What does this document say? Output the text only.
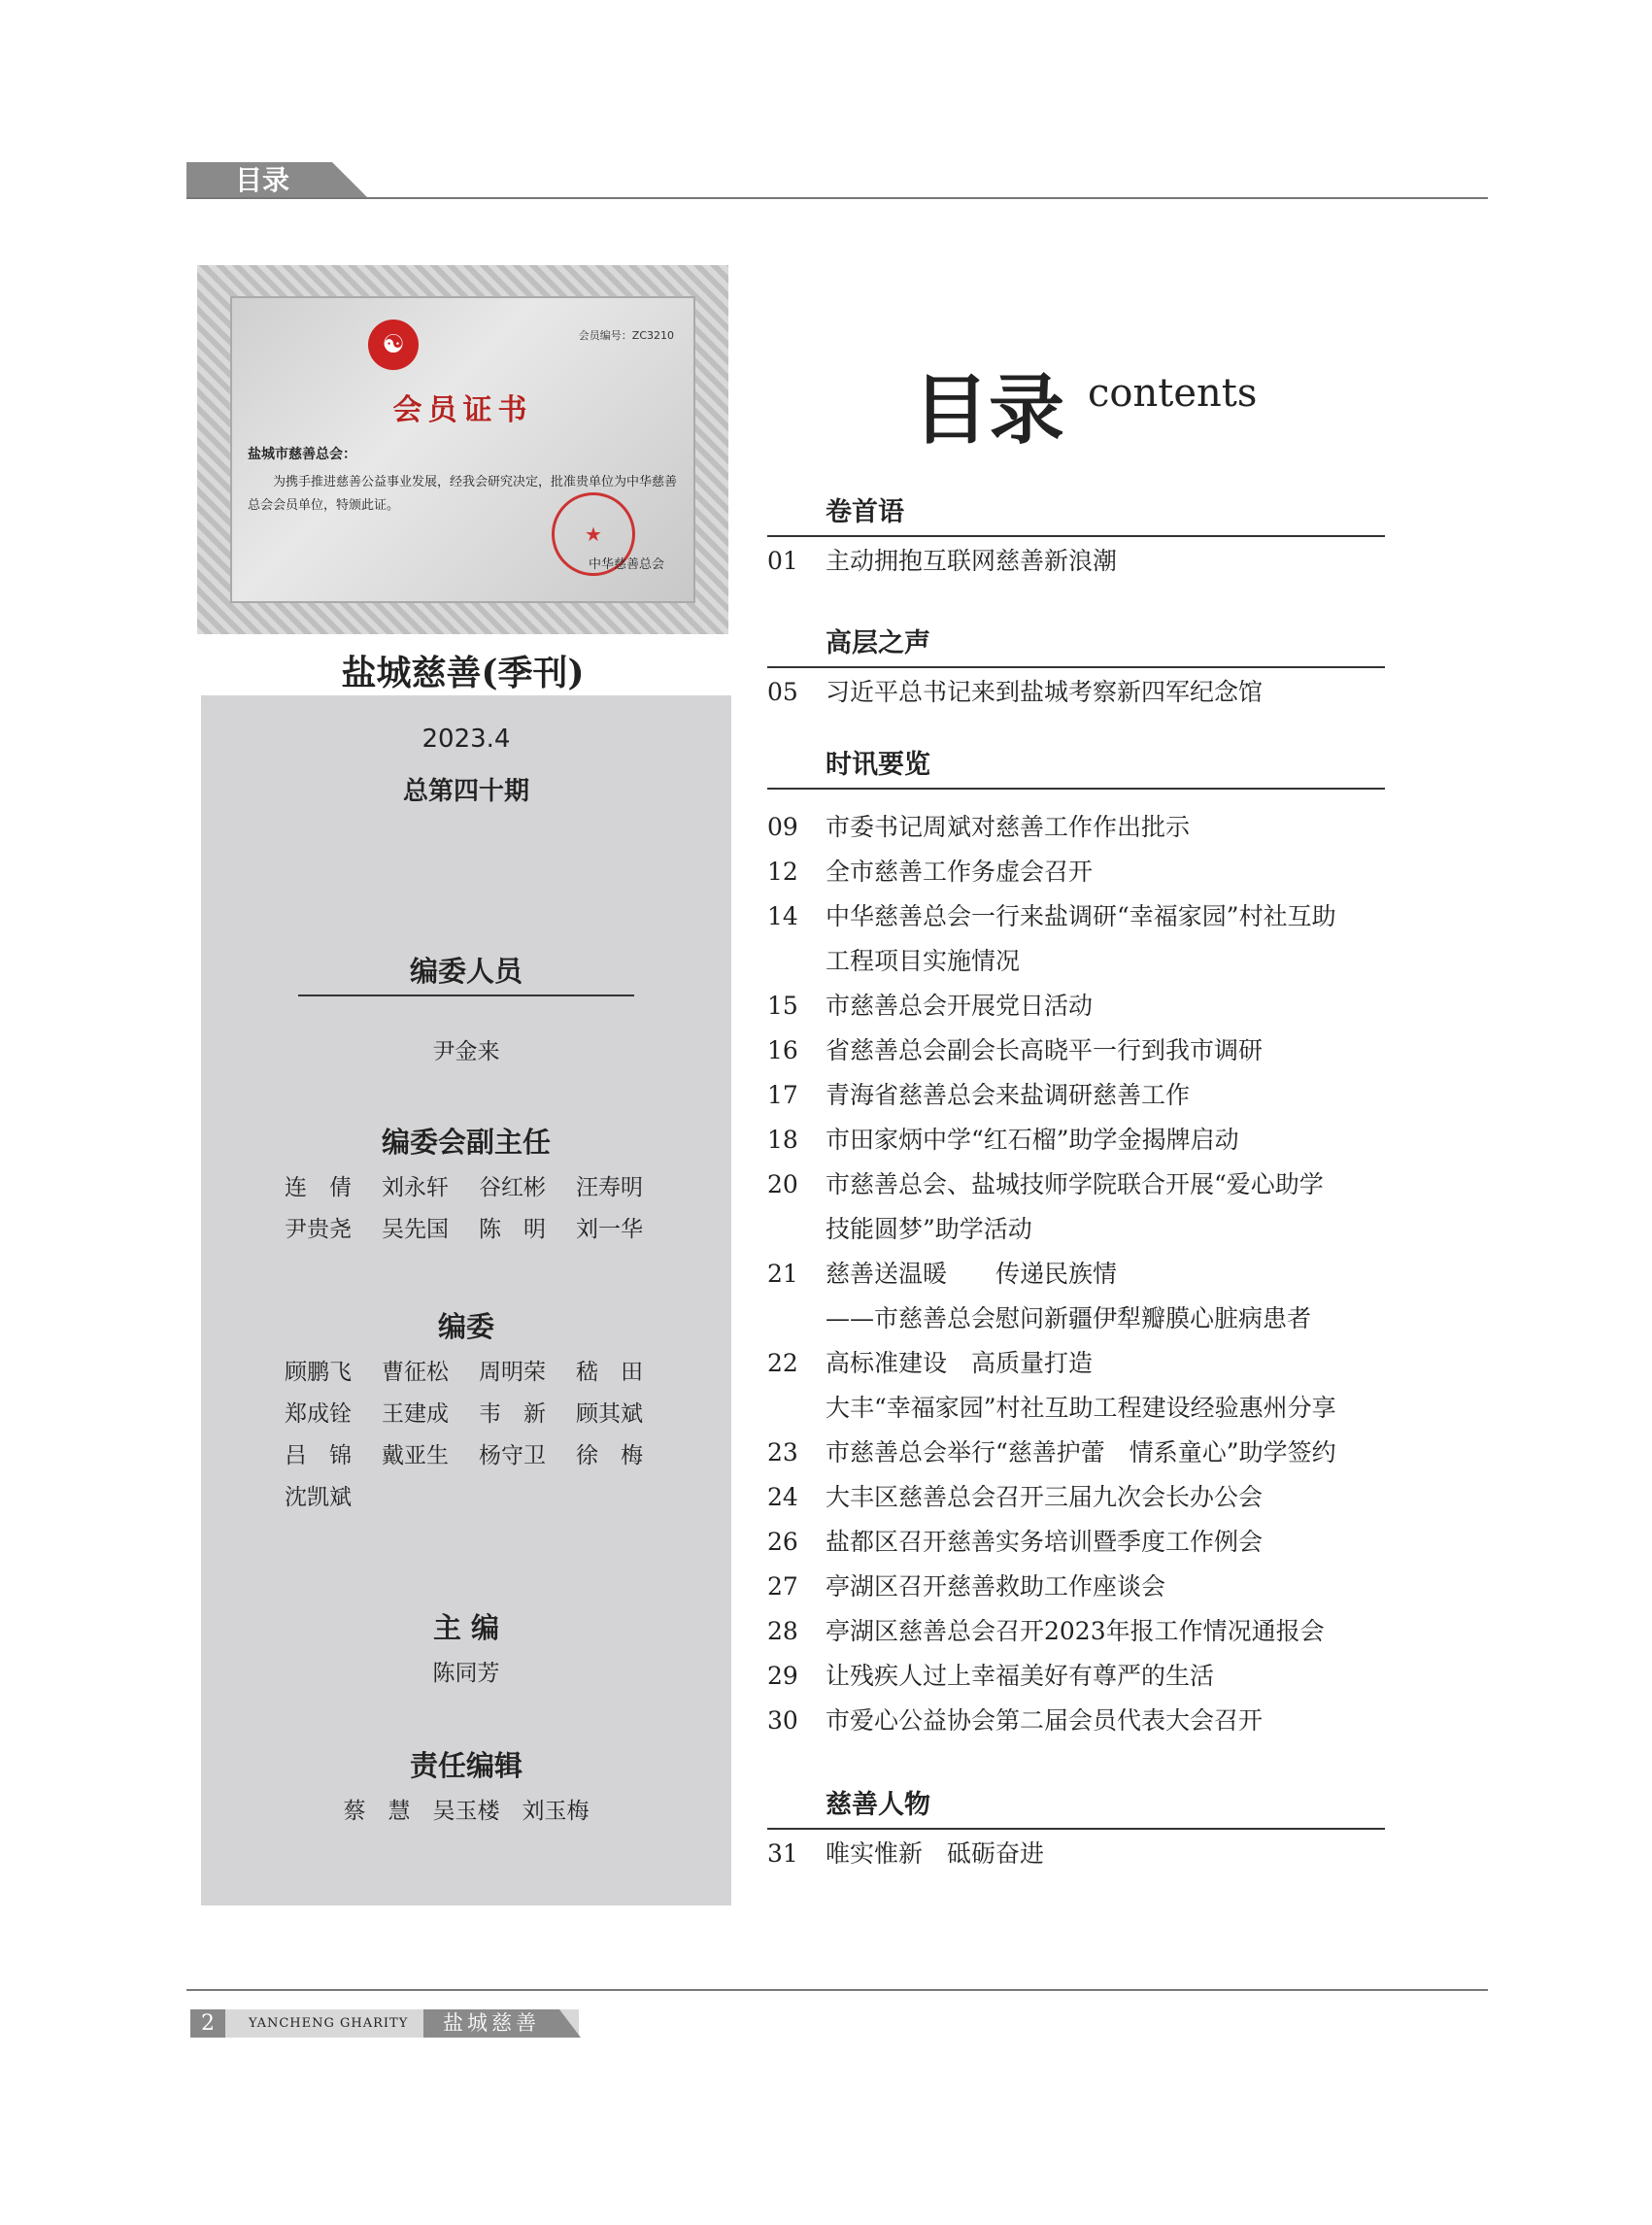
目录
☯	会员编号：ZC3210
会员证书
盐城市慈善总会：
为携手推进慈善公益事业发展，经我会研究决定，批准贵单位为中华慈善总会会员单位，特颁此证。
★
中华慈善总会
盐城慈善(季刊)
2023.4
总第四十期
编委人员
尹金来
编委会副主任
连　倩	刘永轩	谷红彬	汪寿明
尹贵尧	吴先国	陈　明	刘一华
编委
顾鹏飞	曹征松	周明荣	嵇　田
郑成铨	王建成	韦　新	顾其斌
吕　锦	戴亚生	杨守卫	徐　梅
沈凯斌
主 编
陈同芳
责任编辑
蔡　慧　吴玉楼　刘玉梅
目录 contents
卷首语
01 主动拥抱互联网慈善新浪潮
高层之声
05 习近平总书记来到盐城考察新四军纪念馆
时讯要览
09 市委书记周斌对慈善工作作出批示
12 全市慈善工作务虚会召开
14 中华慈善总会一行来盐调研“幸福家园”村社互助
工程项目实施情况
15 市慈善总会开展党日活动
16 省慈善总会副会长高晓平一行到我市调研
17 青海省慈善总会来盐调研慈善工作
18 市田家炳中学“红石榴”助学金揭牌启动
20 市慈善总会、盐城技师学院联合开展“爱心助学
技能圆梦”助学活动
21 慈善送温暖　　传递民族情
——市慈善总会慰问新疆伊犁瓣膜心脏病患者
22 高标准建设　高质量打造
大丰“幸福家园”村社互助工程建设经验惠州分享
23 市慈善总会举行“慈善护蕾　情系童心”助学签约
24 大丰区慈善总会召开三届九次会长办公会
26 盐都区召开慈善实务培训暨季度工作例会
27 亭湖区召开慈善救助工作座谈会
28 亭湖区慈善总会召开2023年报工作情况通报会
29 让残疾人过上幸福美好有尊严的生活
30 市爱心公益协会第二届会员代表大会召开
慈善人物
31 唯实惟新　砥砺奋进
2	YANCHENG GHARITY	盐城慈善
